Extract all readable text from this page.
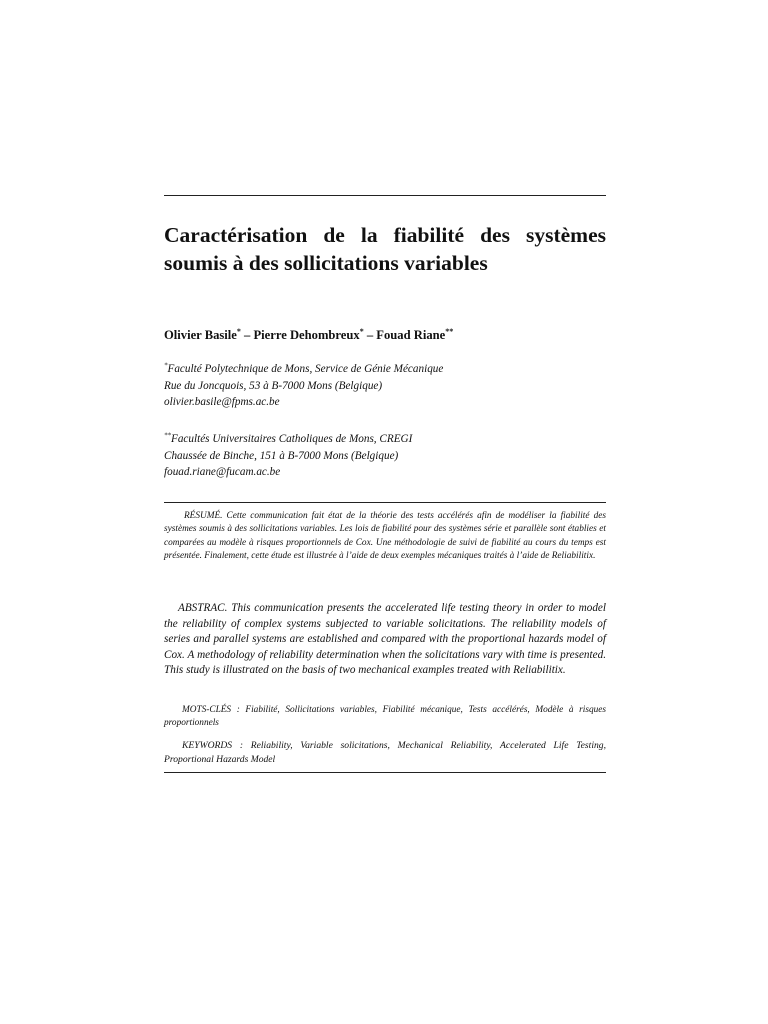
Caractérisation de la fiabilité des systèmes soumis à des sollicitations variables

Olivier Basile* – Pierre Dehombreux* – Fouad Riane**

*Faculté Polytechnique de Mons, Service de Génie Mécanique
Rue du Joncquois, 53 à B-7000 Mons (Belgique)
olivier.basile@fpms.ac.be

**Facultés Universitaires Catholiques de Mons, CREGI
Chaussée de Binche, 151 à B-7000 Mons (Belgique)
fouad.riane@fucam.ac.be

RÉSUMÉ. Cette communication fait état de la théorie des tests accélérés afin de modéliser la fiabilité des systèmes soumis à des sollicitations variables. Les lois de fiabilité pour des systèmes série et parallèle sont établies et comparées au modèle à risques proportionnels de Cox. Une méthodologie de suivi de fiabilité au cours du temps est présentée. Finalement, cette étude est illustrée à l’aide de deux exemples mécaniques traités à l’aide de Reliabilitix.

ABSTRAC. This communication presents the accelerated life testing theory in order to model the reliability of complex systems subjected to variable solicitations. The reliability models of series and parallel systems are established and compared with the proportional hazards model of Cox. A methodology of reliability determination when the solicitations vary with time is presented. This study is illustrated on the basis of two mechanical examples treated with Reliabilitix.

MOTS-CLÉS : Fiabilité, Sollicitations variables, Fiabilité mécanique, Tests accélérés, Modèle à risques proportionnels

KEYWORDS : Reliability, Variable solicitations, Mechanical Reliability, Accelerated Life Testing, Proportional Hazards Model
